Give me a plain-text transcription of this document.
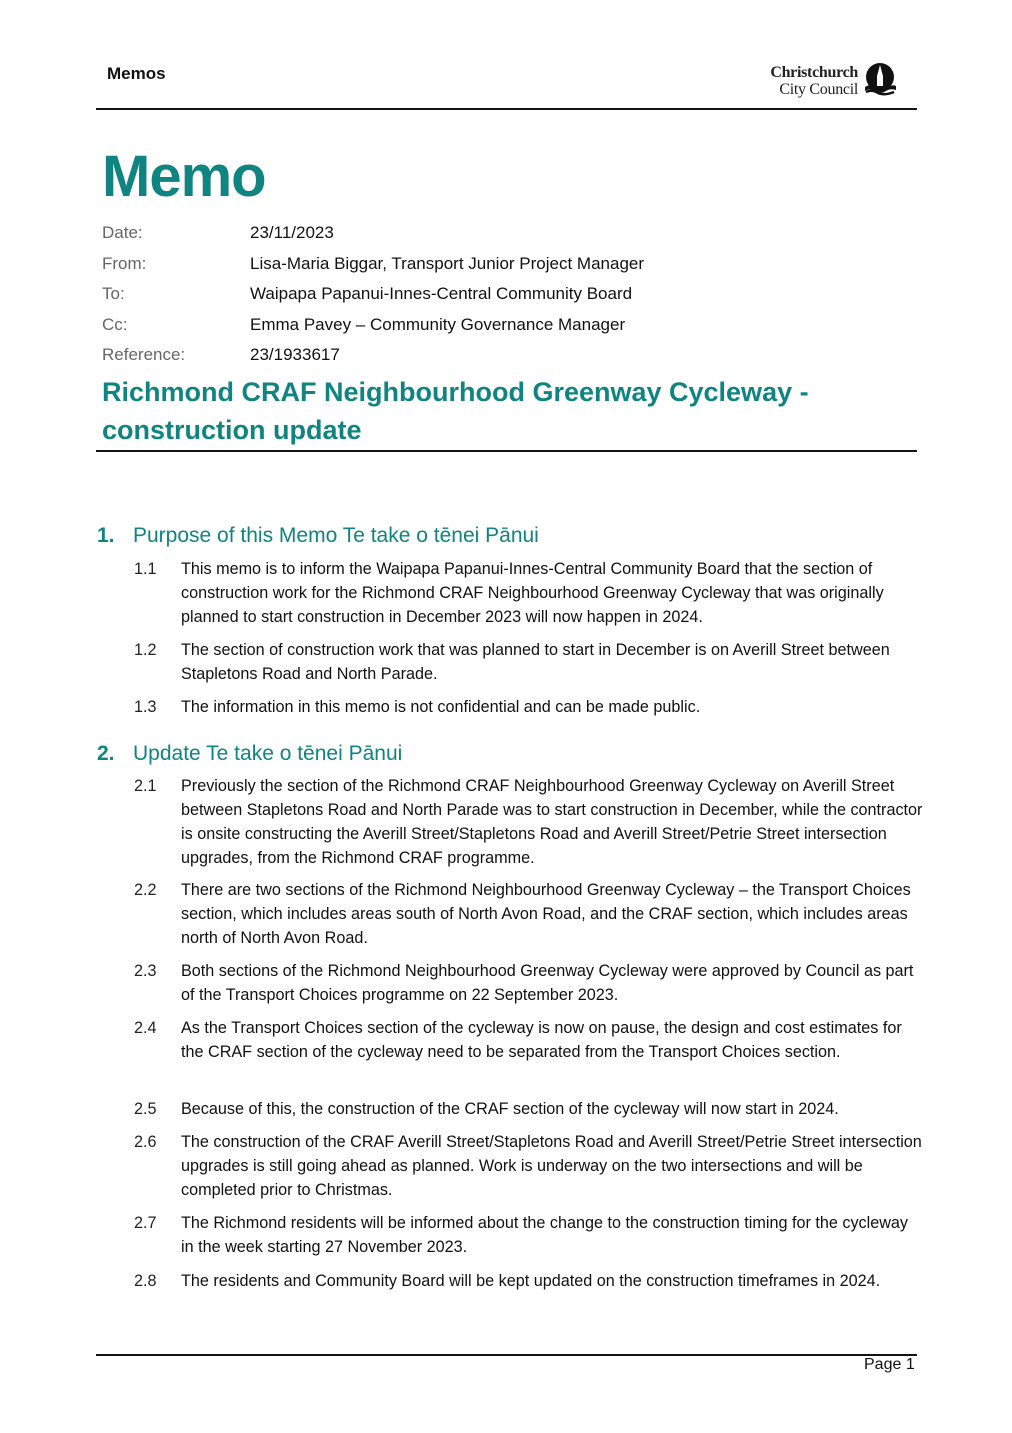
Memos	Christchurch
City Council
Memo
Date:	23/11/2023
From:	Lisa-Maria Biggar, Transport Junior Project Manager
To:	Waipapa Papanui-Innes-Central Community Board
Cc:	Emma Pavey – Community Governance Manager
Reference:	23/1933617
Richmond CRAF Neighbourhood Greenway Cycleway - construction update
1. Purpose of this Memo Te take o tēnei Pānui
1.1	This memo is to inform the Waipapa Papanui-Innes-Central Community Board that the section of construction work for the Richmond CRAF Neighbourhood Greenway Cycleway that was originally planned to start construction in December 2023 will now happen in 2024.
1.2	The section of construction work that was planned to start in December is on Averill Street between Stapletons Road and North Parade.
1.3	The information in this memo is not confidential and can be made public.
2. Update Te take o tēnei Pānui
2.1	Previously the section of the Richmond CRAF Neighbourhood Greenway Cycleway on Averill Street between Stapletons Road and North Parade was to start construction in December, while the contractor is onsite constructing the Averill Street/Stapletons Road and Averill Street/Petrie Street intersection upgrades, from the Richmond CRAF programme.
2.2	There are two sections of the Richmond Neighbourhood Greenway Cycleway – the Transport Choices section, which includes areas south of North Avon Road, and the CRAF section, which includes areas north of North Avon Road.
2.3	Both sections of the Richmond Neighbourhood Greenway Cycleway were approved by Council as part of the Transport Choices programme on 22 September 2023.
2.4	As the Transport Choices section of the cycleway is now on pause, the design and cost estimates for the CRAF section of the cycleway need to be separated from the Transport Choices section.
2.5	Because of this, the construction of the CRAF section of the cycleway will now start in 2024.
2.6	The construction of the CRAF Averill Street/Stapletons Road and Averill Street/Petrie Street intersection upgrades is still going ahead as planned. Work is underway on the two intersections and will be completed prior to Christmas.
2.7	The Richmond residents will be informed about the change to the construction timing for the cycleway in the week starting 27 November 2023.
2.8	The residents and Community Board will be kept updated on the construction timeframes in 2024.
Page 1
